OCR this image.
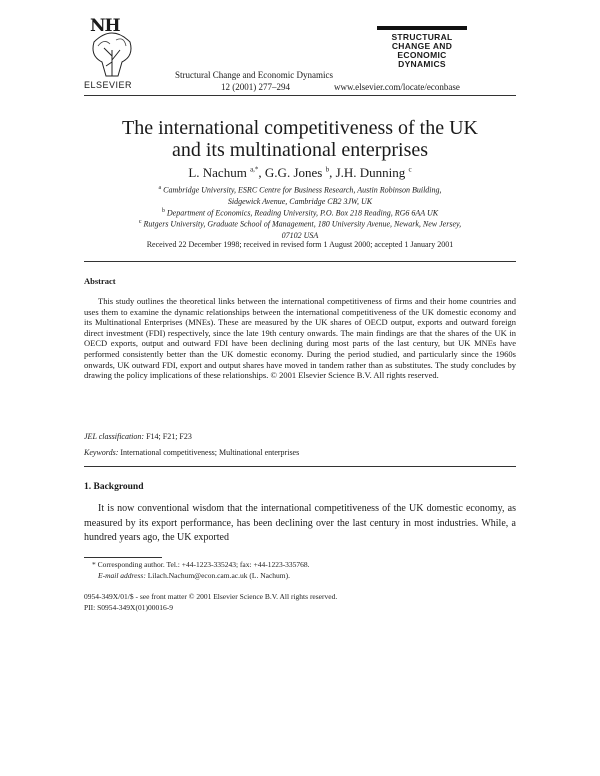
NH
ELSEVIER
Structural Change and Economic Dynamics
12 (2001) 277–294	www.elsevier.com/locate/econbase
STRUCTURAL
CHANGE AND
ECONOMIC
DYNAMICS
The international competitiveness of the UK
and its multinational enterprises
L. Nachum $^{a,*}$, G.G. Jones $^b$, J.H. Dunning $^c$
$^a$ Cambridge University, ESRC Centre for Business Research, Austin Robinson Building,
Sidgewick Avenue, Cambridge CB2 3JW, UK
$^b$ Department of Economics, Reading University, P.O. Box 218 Reading, RG6 6AA UK
$^c$ Rutgers University, Graduate School of Management, 180 University Avenue, Newark, New Jersey,
07102 USA
Received 22 December 1998; received in revised form 1 August 2000; accepted 1 January 2001
Abstract
This study outlines the theoretical links between the international competitiveness of firms and their home countries and uses them to examine the dynamic relationships between the international competitiveness of the UK domestic economy and its Multinational Enterprises (MNEs). These are measured by the UK shares of OECD output, exports and outward foreign direct investment (FDI) respectively, since the late 19th century onwards. The main findings are that the shares of the UK in OECD exports, output and outward FDI have been declining during most parts of the last century, but UK MNEs have performed consistently better than the UK domestic economy. During the period studied, and particularly since the 1960s onwards, UK outward FDI, export and output shares have moved in tandem rather than as substitutes. The study concludes by drawing the policy implications of these relationships. © 2001 Elsevier Science B.V. All rights reserved.
JEL classification: F14; F21; F23
Keywords: International competitiveness; Multinational enterprises
1. Background
It is now conventional wisdom that the international competitiveness of the UK domestic economy, as measured by its export performance, has been declining over the last century in most industries. While, a hundred years ago, the UK exported
* Corresponding author. Tel.: +44-1223-335243; fax: +44-1223-335768.
E-mail address: Lilach.Nachum@econ.cam.ac.uk (L. Nachum).
0954-349X/01/$ - see front matter © 2001 Elsevier Science B.V. All rights reserved.
PII: S0954-349X(01)00016-9
